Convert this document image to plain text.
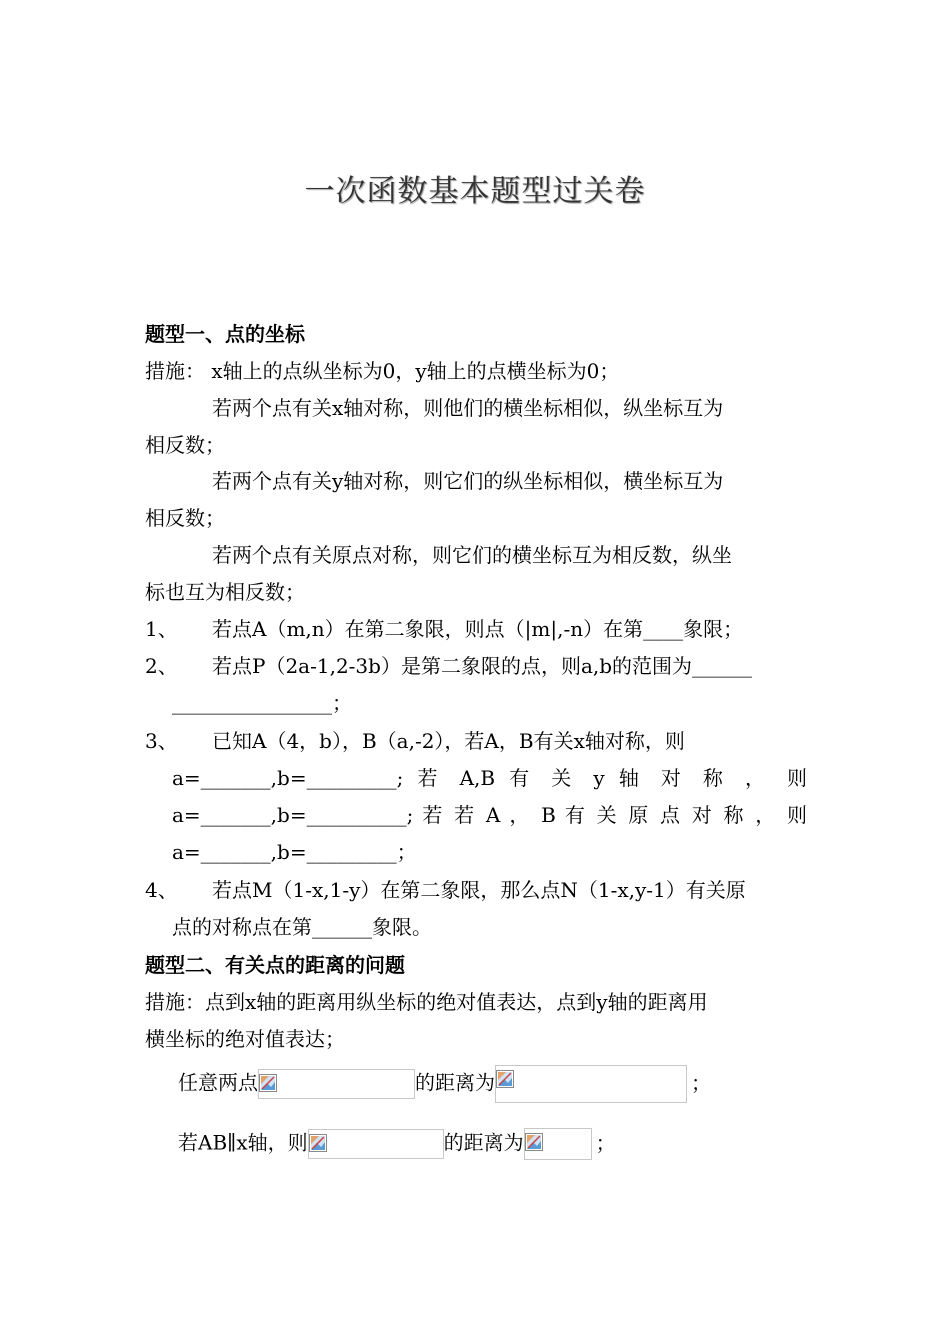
一次函数基本题型过关卷
题型一、点的坐标
措施： x轴上的点纵坐标为0，y轴上的点横坐标为0；
若两个点有关x轴对称，则他们的横坐标相似，纵坐标互为
相反数；
若两个点有关y轴对称，则它们的纵坐标相似，横坐标互为
相反数；
若两个点有关原点对称，则它们的横坐标互为相反数，纵坐
标也互为相反数；
1、 若点A（m,n）在第二象限，则点（|m|,-n）在第____象限；
2、 若点P（2a-1,2-3b）是第二象限的点，则a,b的范围为______
________________；
3、 已知A（4，b），B（a,-2），若A，B有关x轴对称，则
a=_______,b=_________; 若 A,B 有 关 y 轴 对 称 ， 则
a=_______,b=__________; 若 若 A ， B 有 关 原 点 对 称 ， 则
a=_______,b=_________；
4、 若点M（1-x,1-y）在第二象限，那么点N（1-x,y-1）有关原
点的对称点在第______象限。
题型二、有关点的距离的问题
措施：点到x轴的距离用纵坐标的绝对值表达，点到y轴的距离用
横坐标的绝对值表达；
任意两点	的距离为	；
若AB∥x轴，则	的距离为	；
